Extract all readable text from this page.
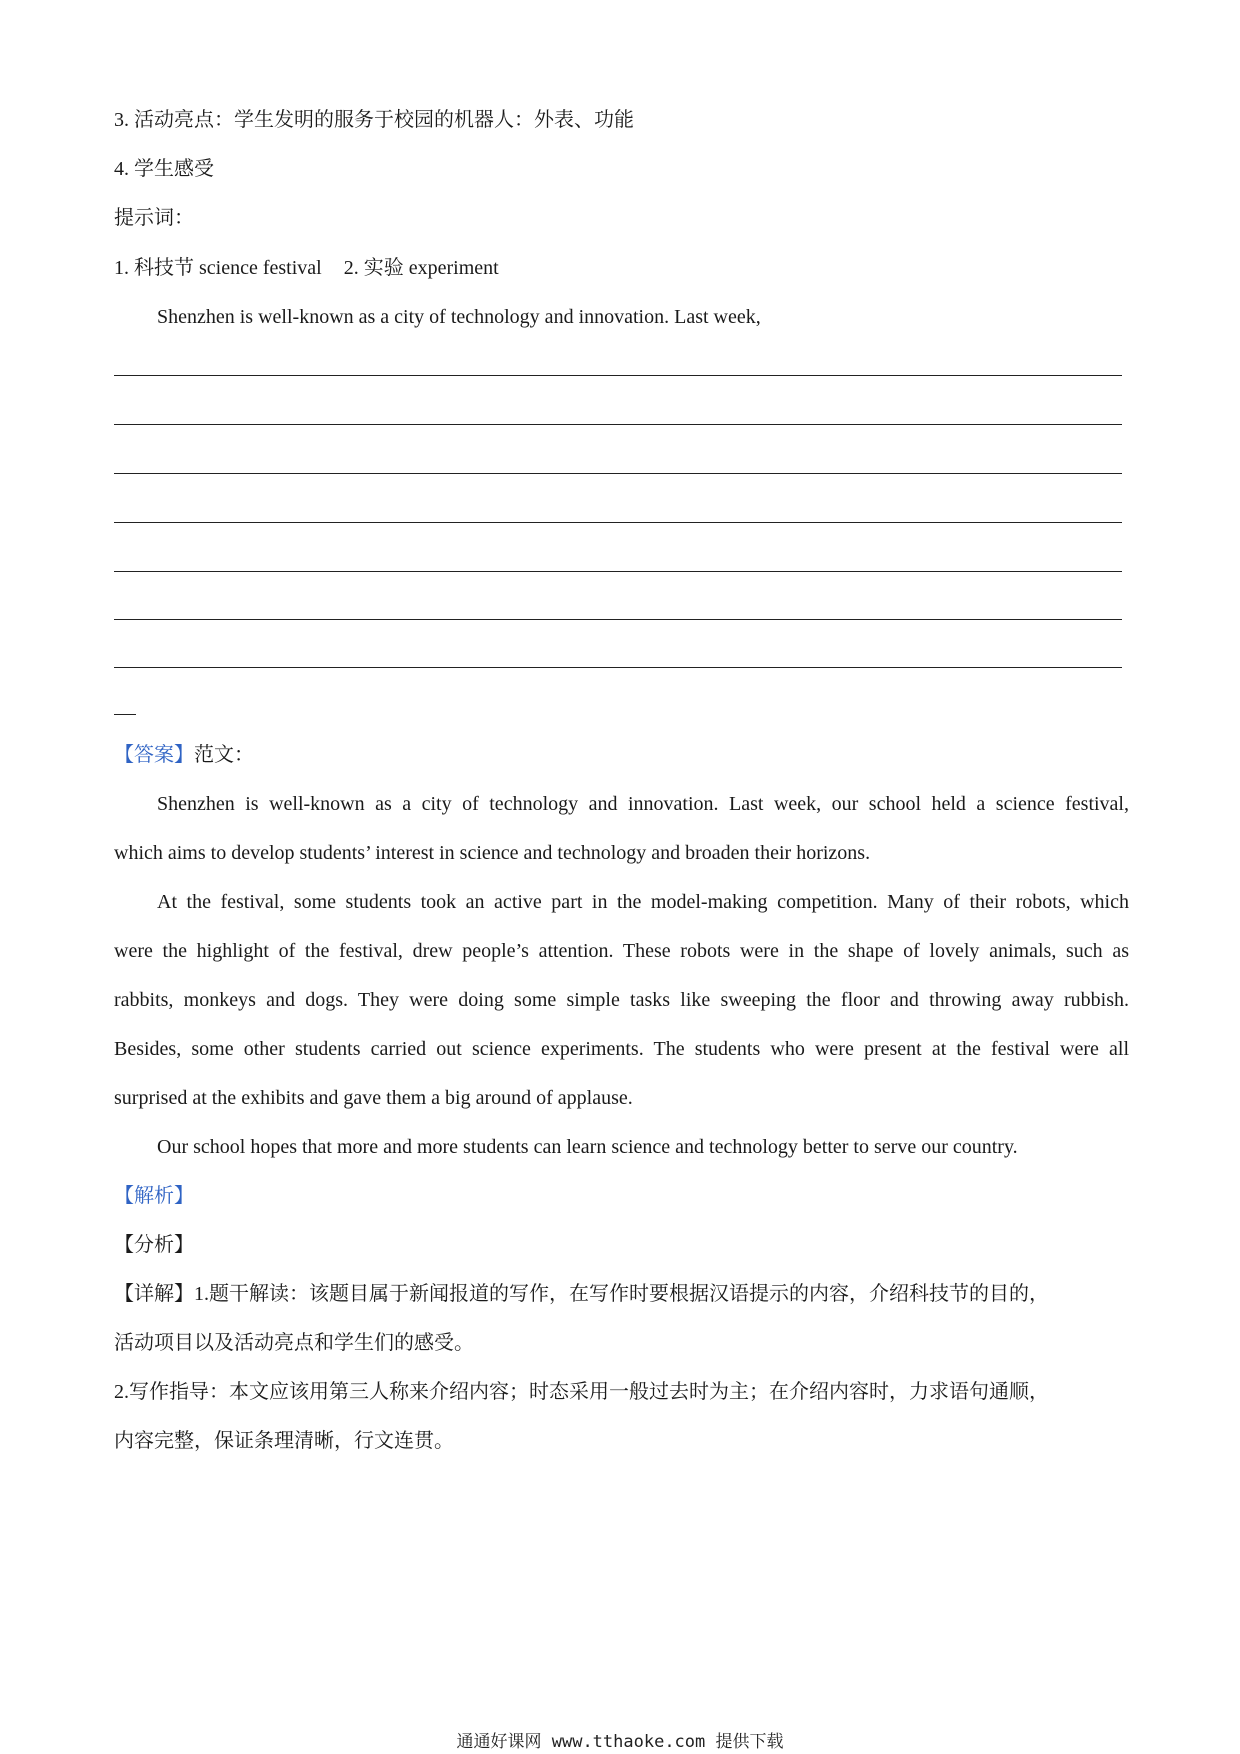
3. 活动亮点：学生发明的服务于校园的机器人：外表、功能
4. 学生感受
提示词：
1. 科技节 science festival 2. 实验 experiment
Shenzhen is well-known as a city of technology and innovation. Last week,
【答案】范文：
Shenzhen is well-known as a city of technology and innovation. Last week, our school held a science festival,
which aims to develop students’ interest in science and technology and broaden their horizons.
At the festival, some students took an active part in the model-making competition. Many of their robots, which
were the highlight of the festival, drew people’s attention. These robots were in the shape of lovely animals, such as
rabbits, monkeys and dogs. They were doing some simple tasks like sweeping the floor and throwing away rubbish.
Besides, some other students carried out science experiments. The students who were present at the festival were all
surprised at the exhibits and gave them a big around of applause.
Our school hopes that more and more students can learn science and technology better to serve our country.
【解析】
【分析】
【详解】1.题干解读：该题目属于新闻报道的写作，在写作时要根据汉语提示的内容，介绍科技节的目的，
活动项目以及活动亮点和学生们的感受。
2.写作指导：本文应该用第三人称来介绍内容；时态采用一般过去时为主；在介绍内容时，力求语句通顺，
内容完整，保证条理清晰，行文连贯。
通通好课网 www.tthaoke.com 提供下载
